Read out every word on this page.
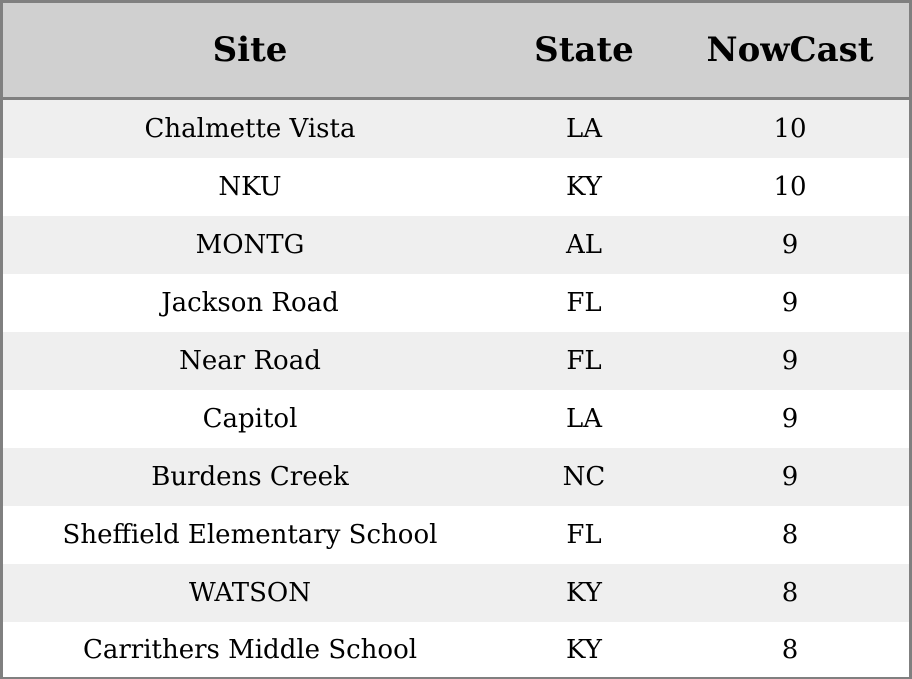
Site	State	NowCast
Chalmette Vista	LA	10
NKU	KY	10
MONTG	AL	9
Jackson Road	FL	9
Near Road	FL	9
Capitol	LA	9
Burdens Creek	NC	9
Sheffield Elementary School	FL	8
WATSON	KY	8
Carrithers Middle School	KY	8
